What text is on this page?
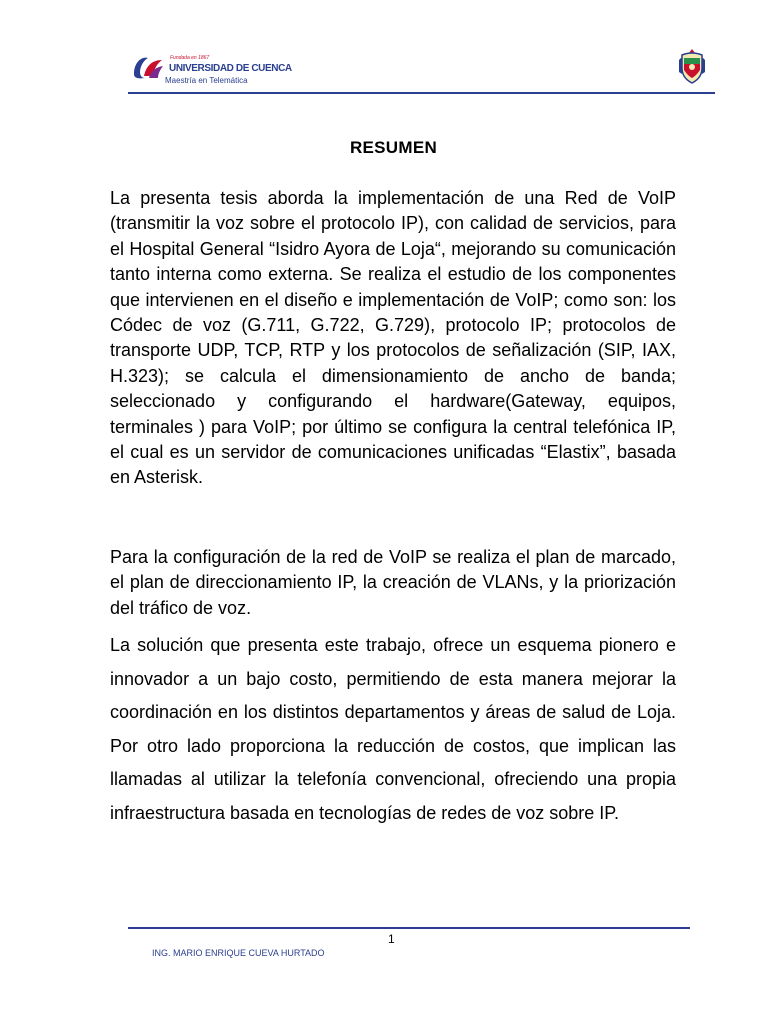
Fundada en 1867
UNIVERSIDAD DE CUENCA
Maestría en Telemática
RESUMEN

La presenta tesis aborda la implementación de una Red de VoIP (transmitir la voz sobre el protocolo IP), con calidad de servicios, para el Hospital General “Isidro Ayora de Loja“, mejorando su comunicación tanto interna como externa. Se realiza el estudio de los componentes que intervienen en el diseño e implementación de VoIP; como son: los Códec de voz (G.711, G.722, G.729), protocolo IP; protocolos de transporte UDP, TCP, RTP y los protocolos de señalización (SIP, IAX, H.323); se calcula el dimensionamiento de ancho de banda; seleccionado y configurando el hardware(Gateway, equipos, terminales ) para VoIP; por último se configura la central telefónica IP, el cual es un servidor de comunicaciones unificadas “Elastix”, basada en Asterisk.

Para la configuración de la red de VoIP se realiza el plan de marcado, el plan de direccionamiento IP, la creación de VLANs, y la priorización del tráfico de voz.

La solución que presenta este trabajo, ofrece un esquema pionero e innovador a un bajo costo, permitiendo de esta manera mejorar la coordinación en los distintos departamentos y áreas de salud de Loja. Por otro lado proporciona la reducción de costos, que implican las llamadas al utilizar la telefonía convencional, ofreciendo una propia infraestructura basada en tecnologías de redes de voz sobre IP.

1
ING. MARIO ENRIQUE CUEVA HURTADO
